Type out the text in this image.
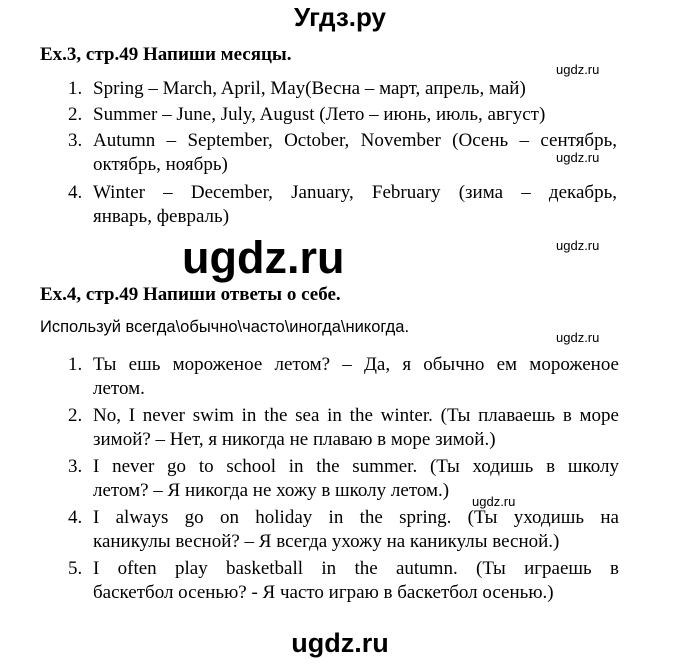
Угдз.ру
Ex.3, стр.49 Напиши месяцы.
1. Spring – March, April, May(Весна – март, апрель, май)
2. Summer – June, July, August (Лето – июнь, июль, август)
3. Autumn – September, October, November (Осень – сентябрь,
октябрь, ноябрь)
4. Winter – December, January, February (зима – декабрь,
январь, февраль)
ugdz.ru
Ex.4, стр.49 Напиши ответы о себе.
Используй всегда\обычно\часто\иногда\никогда.
1. Ты ешь мороженое летом? – Да, я обычно ем мороженое
летом.
2. No, I never swim in the sea in the winter. (Ты плаваешь в море
зимой? – Нет, я никогда не плаваю в море зимой.)
3. I never go to school in the summer. (Ты ходишь в школу
летом? – Я никогда не хожу в школу летом.)
4. I always go on holiday in the spring. (Ты уходишь на
каникулы весной? – Я всегда ухожу на каникулы весной.)
5. I often play basketball in the autumn. (Ты играешь в
баскетбол осенью? - Я часто играю в баскетбол осенью.)
ugdz.ru
ugdz.ru
ugdz.ru
ugdz.ru
ugdz.ru
ugdz.ru
